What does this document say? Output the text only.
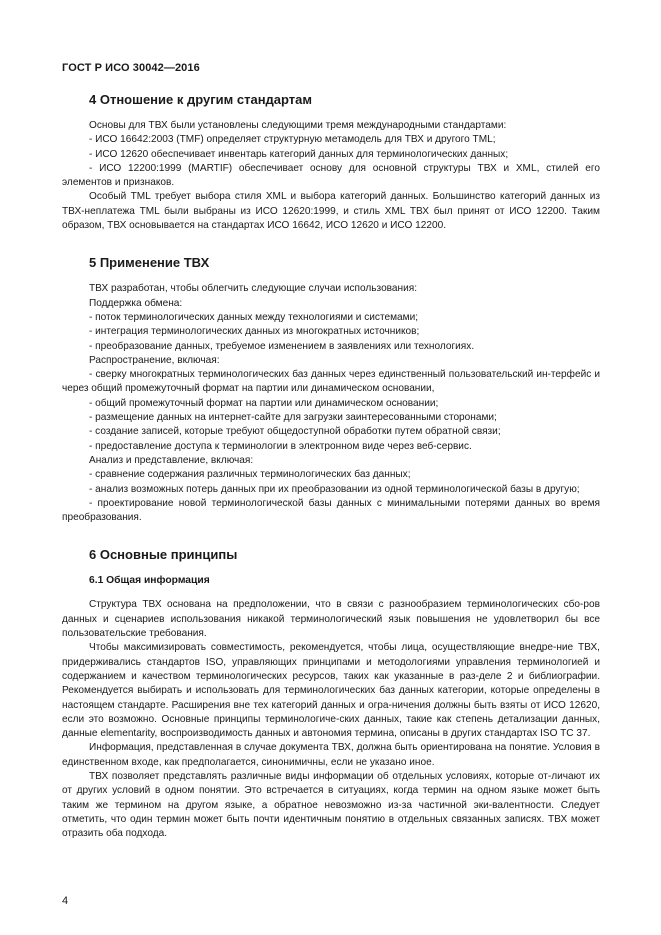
ГОСТ Р ИСО 30042—2016
4 Отношение к другим стандартам

Основы для ТВХ были установлены следующими тремя международными стандартами:

- ИСО 16642:2003 (TMF) определяет структурную метамодель для ТВХ и другого TML;

- ИСО 12620 обеспечивает инвентарь категорий данных для терминологических данных;

- ИСО 12200:1999 (MARTIF) обеспечивает основу для основной структуры ТВХ и XML, стилей его элементов и признаков.

Особый TML требует выбора стиля XML и выбора категорий данных. Большинство категорий данных из ТВХ-неплатежа TML были выбраны из ИСО 12620:1999, и стиль XML ТВХ был принят от ИСО 12200. Таким образом, ТВХ основывается на стандартах ИСО 16642, ИСО 12620 и ИСО 12200.

5 Применение ТВХ

ТВХ разработан, чтобы облегчить следующие случаи использования:

Поддержка обмена:

- поток терминологических данных между технологиями и системами;

- интеграция терминологических данных из многократных источников;

- преобразование данных, требуемое изменением в заявлениях или технологиях.

Распространение, включая:

- сверку многократных терминологических баз данных через единственный пользовательский ин-терфейс и через общий промежуточный формат на партии или динамическом основании,

- общий промежуточный формат на партии или динамическом основании;

- размещение данных на интернет-сайте для загрузки заинтересованными сторонами;

- создание записей, которые требуют общедоступной обработки путем обратной связи;

- предоставление доступа к терминологии в электронном виде через веб-сервис.

Анализ и представление, включая:

- сравнение содержания различных терминологических баз данных;

- анализ возможных потерь данных при их преобразовании из одной терминологической базы в другую;

- проектирование новой терминологической базы данных с минимальными потерями данных во время преобразования.

6 Основные принципы
6.1 Общая информация

Структура ТВХ основана на предположении, что в связи с разнообразием терминологических сбо-ров данных и сценариев использования никакой терминологический язык повышения не удовлетворил бы все пользовательские требования.

Чтобы максимизировать совместимость, рекомендуется, чтобы лица, осуществляющие внедре-ние ТВХ, придерживались стандартов ISO, управляющих принципами и методологиями управления терминологией и содержанием и качеством терминологических ресурсов, таких как указанные в раз-деле 2 и библиографии. Рекомендуется выбирать и использовать для терминологических баз данных категории, которые определены в настоящем стандарте. Расширения вне тех категорий данных и огра-ничения должны быть взяты от ИСО 12620, если это возможно. Основные принципы терминологиче-ских данных, такие как степень детализации данных, данные elementarity, воспроизводимость данных и автономия термина, описаны в других стандартах ISO TC 37.

Информация, представленная в случае документа ТВХ, должна быть ориентирована на понятие. Условия в единственном входе, как предполагается, синонимичны, если не указано иное.

ТВХ позволяет представлять различные виды информации об отдельных условиях, которые от-личают их от других условий в одном понятии. Это встречается в ситуациях, когда термин на одном языке может быть таким же термином на другом языке, а обратное невозможно из-за частичной эки-валентности. Следует отметить, что один термин может быть почти идентичным понятию в отдельных связанных записях. ТВХ может отразить оба подхода.

4
